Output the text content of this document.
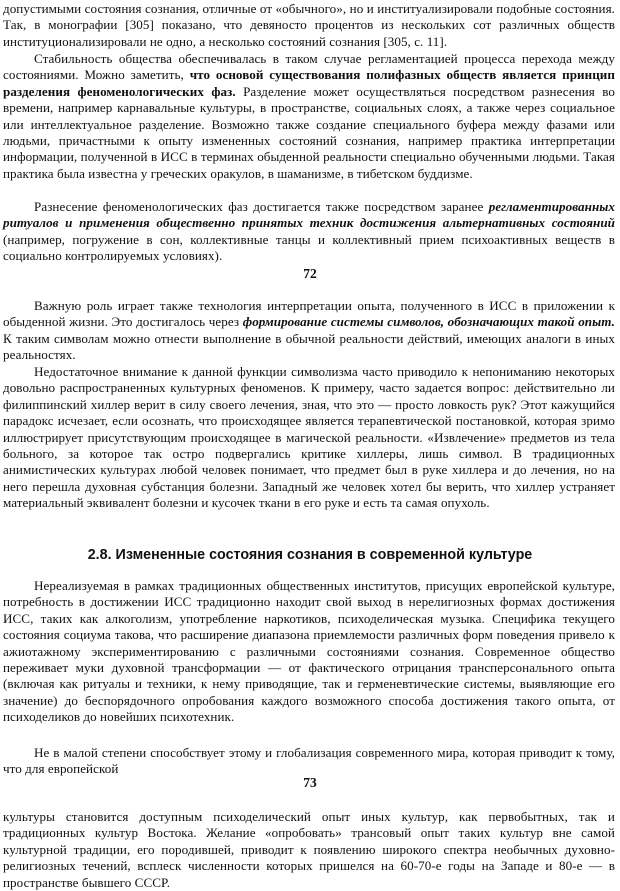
допустимыми состояния сознания, отличные от «обычного», но и институализировали подобные состояния. Так, в монографии [305] показано, что девяносто процентов из нескольких сот различных обществ институционализировали не одно, а несколько состояний сознания [305, с. 11].

Стабильность общества обеспечивалась в таком случае регламентацией процесса перехода между состояниями. Можно заметить, что основой существования полифазных обществ является принцип разделения феноменологических фаз. Разделение может осуществляться посредством разнесения во времени, например карнавальные культуры, в пространстве, социальных слоях, а также через социальное или интеллектуальное разделение. Возможно также создание специального буфера между фазами или людьми, причастными к опыту измененных состояний сознания, например практика интерпретации информации, полученной в ИСС в терминах обыденной реальности специально обученными людьми. Такая практика была известна у греческих оракулов, в шаманизме, в тибетском буддизме.

Разнесение феноменологических фаз достигается также посредством заранее регламентированных ритуалов и применения общественно принятых техник достижения альтернативных состояний (например, погружение в сон, коллективные танцы и коллективный прием психоактивных веществ в социально контролируемых условиях).

72

Важную роль играет также технология интерпретации опыта, полученного в ИСС в приложении к обыденной жизни. Это достигалось через формирование системы символов, обозначающих такой опыт. К таким символам можно отнести выполнение в обычной реальности действий, имеющих аналоги в иных реальностях.

Недостаточное внимание к данной функции символизма часто приводило к непониманию некоторых довольно распространенных культурных феноменов. К примеру, часто задается вопрос: действительно ли филиппинский хиллер верит в силу своего лечения, зная, что это — просто ловкость рук? Этот кажущийся парадокс исчезает, если осознать, что происходящее является терапевтической постановкой, которая зримо иллюстрирует присутствующим происходящее в магической реальности. «Извлечение» предметов из тела больного, за которое так остро подвергались критике хиллеры, лишь символ. В традиционных анимистических культурах любой человек понимает, что предмет был в руке хиллера и до лечения, но на него перешла духовная субстанция болезни. Западный же человек хотел бы верить, что хиллер устраняет материальный эквивалент болезни и кусочек ткани в его руке и есть та самая опухоль.

2.8. Измененные состояния сознания в современной культуре

Нереализуемая в рамках традиционных общественных институтов, присущих европейской культуре, потребность в достижении ИСС традиционно находит свой выход в нерелигиозных формах достижения ИСС, таких как алкоголизм, употребление наркотиков, психоделическая музыка. Специфика текущего состояния социума такова, что расширение диапазона приемлемости различных форм поведения привело к ажиотажному экспериментированию с различными состояниями сознания. Современное общество переживает муки духовной трансформации — от фактического отрицания трансперсонального опыта (включая как ритуалы и техники, к нему приводящие, так и герменевтические системы, выявляющие его значение) до беспорядочного опробования каждого возможного способа достижения такого опыта, от психоделиков до новейших психотехник.

Не в малой степени способствует этому и глобализация современного мира, которая приводит к тому, что для европейской

73

культуры становится доступным психоделический опыт иных культур, как первобытных, так и традиционных культур Востока. Желание «опробовать» трансовый опыт таких культур вне самой культурной традиции, его породившей, приводит к появлению широкого спектра необычных духовно-религиозных течений, всплеск численности которых пришелся на 60-70-е годы на Западе и 80-е — в пространстве бывшего СССР.
